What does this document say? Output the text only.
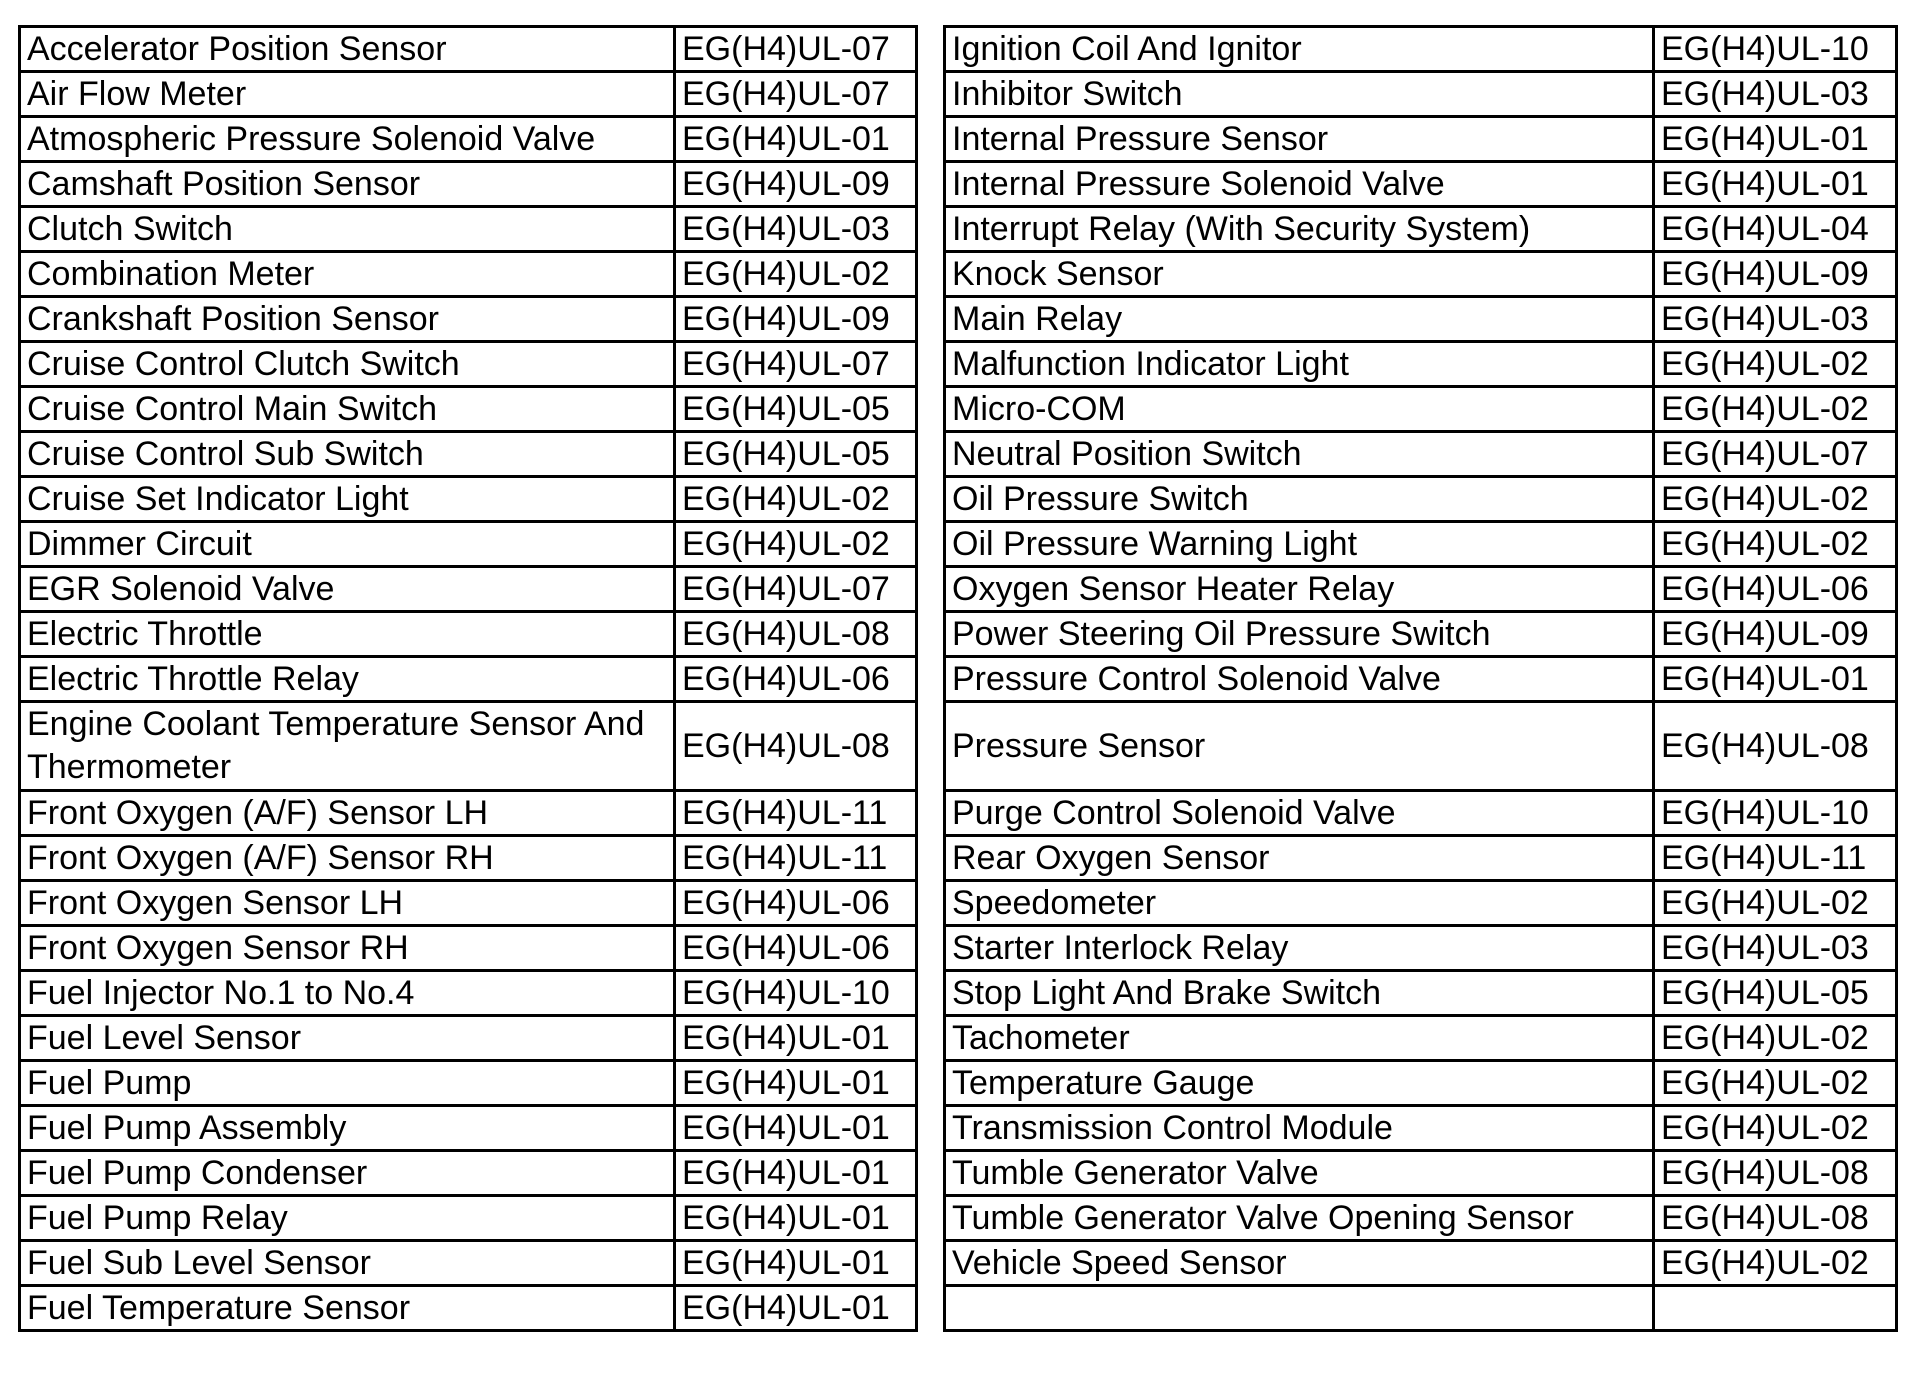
Accelerator Position Sensor	EG(H4)UL-07		Ignition Coil And Ignitor	EG(H4)UL-10
Air Flow Meter	EG(H4)UL-07		Inhibitor Switch	EG(H4)UL-03
Atmospheric Pressure Solenoid Valve	EG(H4)UL-01		Internal Pressure Sensor	EG(H4)UL-01
Camshaft Position Sensor	EG(H4)UL-09		Internal Pressure Solenoid Valve	EG(H4)UL-01
Clutch Switch	EG(H4)UL-03		Interrupt Relay (With Security System)	EG(H4)UL-04
Combination Meter	EG(H4)UL-02		Knock Sensor	EG(H4)UL-09
Crankshaft Position Sensor	EG(H4)UL-09		Main Relay	EG(H4)UL-03
Cruise Control Clutch Switch	EG(H4)UL-07		Malfunction Indicator Light	EG(H4)UL-02
Cruise Control Main Switch	EG(H4)UL-05		Micro-COM	EG(H4)UL-02
Cruise Control Sub Switch	EG(H4)UL-05		Neutral Position Switch	EG(H4)UL-07
Cruise Set Indicator Light	EG(H4)UL-02		Oil Pressure Switch	EG(H4)UL-02
Dimmer Circuit	EG(H4)UL-02		Oil Pressure Warning Light	EG(H4)UL-02
EGR Solenoid Valve	EG(H4)UL-07		Oxygen Sensor Heater Relay	EG(H4)UL-06
Electric Throttle	EG(H4)UL-08		Power Steering Oil Pressure Switch	EG(H4)UL-09
Electric Throttle Relay	EG(H4)UL-06		Pressure Control Solenoid Valve	EG(H4)UL-01
Engine Coolant Temperature Sensor And Thermometer	EG(H4)UL-08		Pressure Sensor	EG(H4)UL-08
Front Oxygen (A/F) Sensor LH	EG(H4)UL-11		Purge Control Solenoid Valve	EG(H4)UL-10
Front Oxygen (A/F) Sensor RH	EG(H4)UL-11		Rear Oxygen Sensor	EG(H4)UL-11
Front Oxygen Sensor LH	EG(H4)UL-06		Speedometer	EG(H4)UL-02
Front Oxygen Sensor RH	EG(H4)UL-06		Starter Interlock Relay	EG(H4)UL-03
Fuel Injector No.1 to No.4	EG(H4)UL-10		Stop Light And Brake Switch	EG(H4)UL-05
Fuel Level Sensor	EG(H4)UL-01		Tachometer	EG(H4)UL-02
Fuel Pump	EG(H4)UL-01		Temperature Gauge	EG(H4)UL-02
Fuel Pump Assembly	EG(H4)UL-01		Transmission Control Module	EG(H4)UL-02
Fuel Pump Condenser	EG(H4)UL-01		Tumble Generator Valve	EG(H4)UL-08
Fuel Pump Relay	EG(H4)UL-01		Tumble Generator Valve Opening Sensor	EG(H4)UL-08
Fuel Sub Level Sensor	EG(H4)UL-01		Vehicle Speed Sensor	EG(H4)UL-02
Fuel Temperature Sensor	EG(H4)UL-01			
